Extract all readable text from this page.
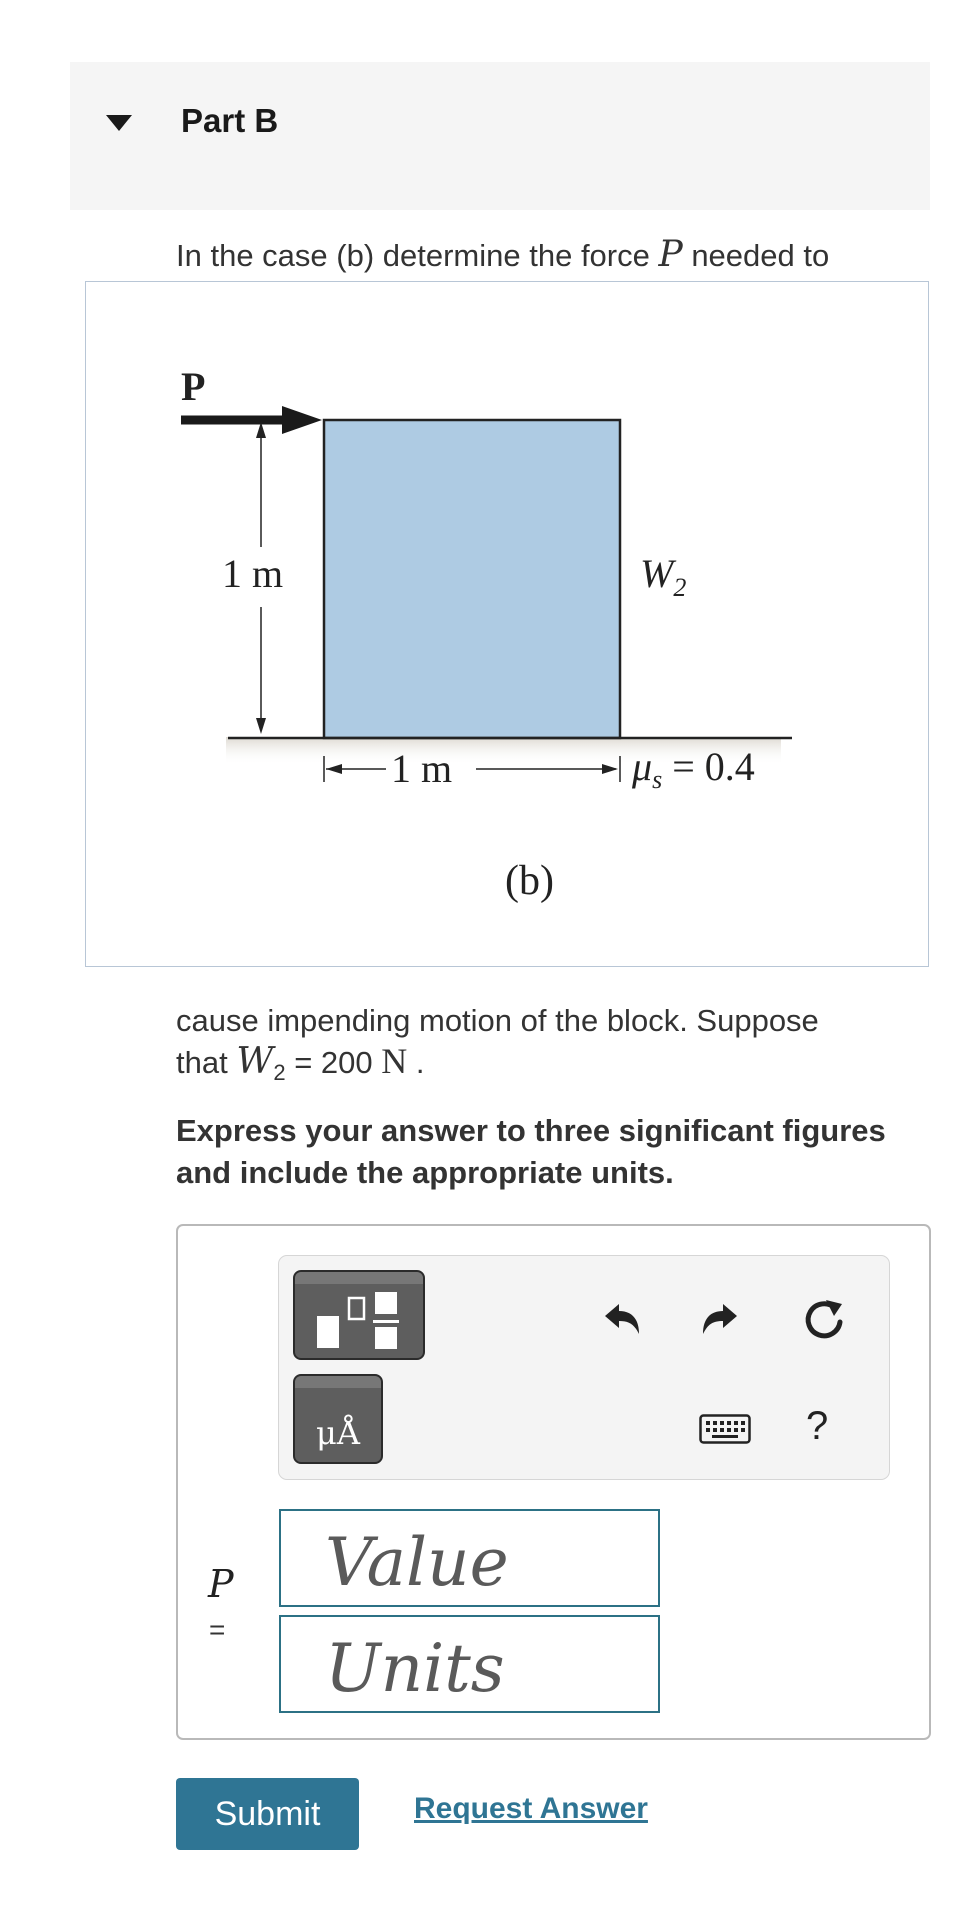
Part B
In the case (b) determine the force P needed to
P
1 m
1 m
$W_2$
$\mu_s = 0.4$
(b)
cause impending motion of the block. Suppose
that $W_2 = 200$ N .
Express your answer to three significant figures and include the appropriate units.
μÅ	?
P
=
Value
Units
Submit	Request Answer
